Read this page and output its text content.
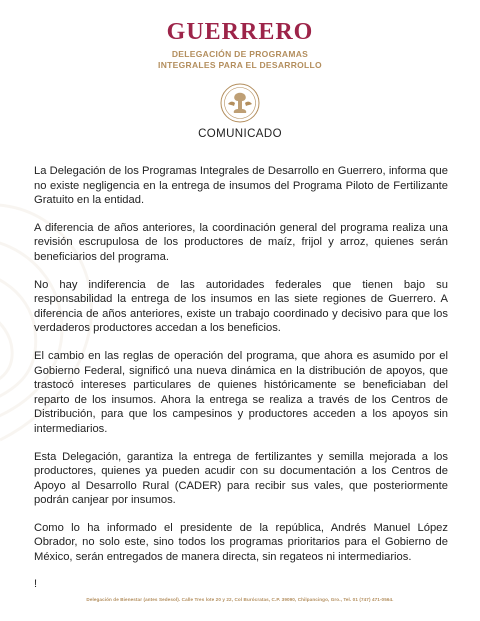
GUERRERO
DELEGACIÓN DE PROGRAMAS
INTEGRALES PARA EL DESARROLLO
COMUNICADO

La Delegación de los Programas Integrales de Desarrollo en Guerrero, informa que no existe negligencia en la entrega de insumos del Programa Piloto de Fertilizante Gratuito en la entidad.

A diferencia de años anteriores, la coordinación general del programa realiza una revisión escrupulosa de los productores de maíz, frijol y arroz, quienes serán beneficiarios del programa.

No hay indiferencia de las autoridades federales que tienen bajo su responsabilidad la entrega de los insumos en las siete regiones de Guerrero. A diferencia de años anteriores, existe un trabajo coordinado y decisivo para que los verdaderos productores accedan a los beneficios.

El cambio en las reglas de operación del programa, que ahora es asumido por el Gobierno Federal, significó una nueva dinámica en la distribución de apoyos, que trastocó intereses particulares de quienes históricamente se beneficiaban del reparto de los insumos. Ahora la entrega se realiza a través de los Centros de Distribución, para que los campesinos y productores acceden a los apoyos sin intermediarios.

Esta Delegación, garantiza la entrega de fertilizantes y semilla mejorada a los productores, quienes ya pueden acudir con su documentación a los Centros de Apoyo al Desarrollo Rural (CADER) para recibir sus vales, que posteriormente podrán canjear por insumos.

Como lo ha informado el presidente de la república, Andrés Manuel López Obrador, no solo este, sino todos los programas prioritarios para el Gobierno de México, serán entregados de manera directa, sin regateos ni intermediarios.

!
Delegación de Bienestar (antes Sedesol). Calle Tres lote 20 y 22, Col Burócratas, C.P. 39090, Chilpancingo, Gro., Tel. 01 (747) 471-0564.
